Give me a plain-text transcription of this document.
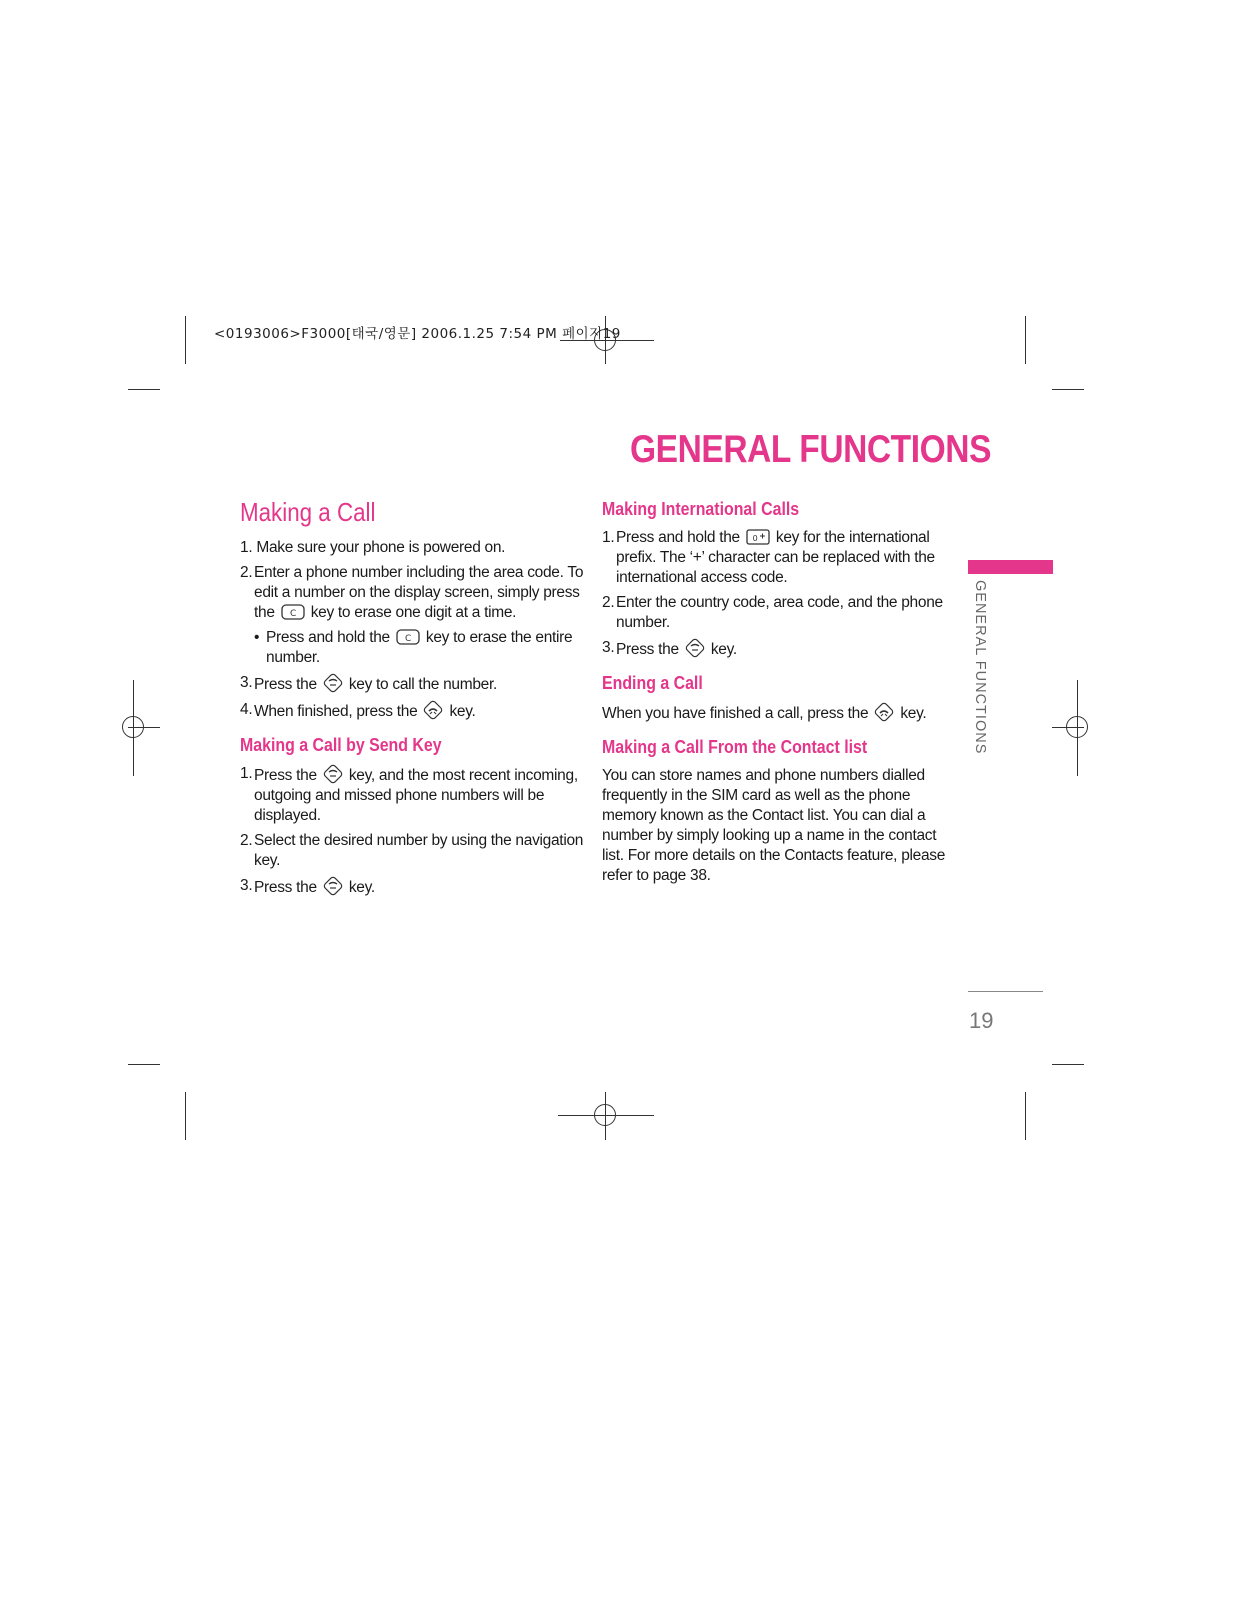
<0193006>F3000[태국/영문] 2006.1.25 7:54 PM 페이지19
GENERAL FUNCTIONS
Making a Call
1. Make sure your phone is powered on.
2. Enter a phone number including the area code. To edit a number on the display screen, simply press the C key to erase one digit at a time.
• Press and hold the C key to erase the entire number.
3. Press the key to call the number.
4. When finished, press the key.
Making a Call by Send Key
1. Press the key, and the most recent incoming, outgoing and missed phone numbers will be displayed.
2. Select the desired number by using the navigation key.
3. Press the key.
Making International Calls
1. Press and hold the 0 key for the international prefix. The ‘+’ character can be replaced with the international access code.
2. Enter the country code, area code, and the phone number.
3. Press the key.
Ending a Call

When you have finished a call, press the key.

Making a Call From the Contact list

You can store names and phone numbers dialled frequently in the SIM card as well as the phone memory known as the Contact list. You can dial a number by simply looking up a name in the contact list. For more details on the Contacts feature, please refer to page 38.

GENERAL FUNCTIONS
19
